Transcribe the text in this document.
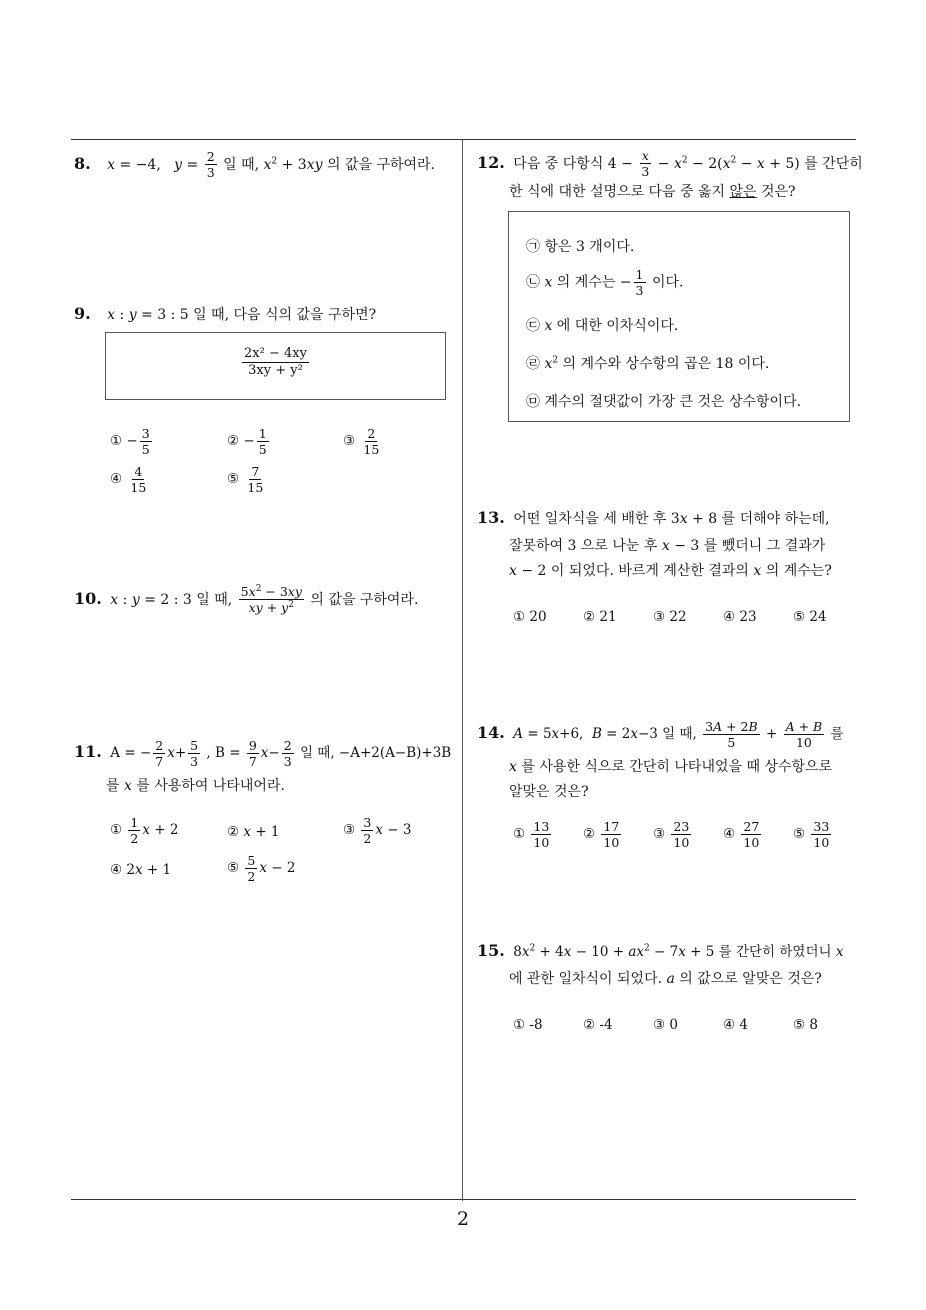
2
8. x = −4,   $y = \frac{2}{3}$ 일 때, $x^2 + 3xy$ 의 값을 구하여라.
9. x : y = 3 : 5 일 때, 다음 식의 값을 구하면?
$\frac{\text{2x² − 4xy}}{\text{3xy + y²}}$
① − $\frac{3}{5}$	② − $\frac{1}{5}$	③ $\frac{2}{15}$
④ $\frac{4}{15}$	⑤ $\frac{7}{15}$
10. x : y = 2 : 3 일 때, $\frac{5x^2 - 3xy}{xy + y^2}$ 의 값을 구하여라.
11. A = − $\frac{2}{7} x+ \frac{5}{3}$ , $B = \frac{9}{7} x- \frac{2}{3}$ 일 때, −A+2(A−B)+3B
를 x 를 사용하여 나타내어라.
① $\frac{1}{2}$ x + 2	② x + 1	③ $\frac{3}{2}$ x − 3
④ 2x + 1	⑤ $\frac{5}{2}$ x − 2
12. 다음 중 다항식 $4 - \frac{x}{3} - x^2 - 2(x^2 - x + 5)$ 를 간단히
한 식에 대한 설명으로 다음 중 옳지 않은 것은?
㉠ 항은 3 개이다.
㉡ x 의 계수는 − $\frac{1}{3}$ 이다.
㉢ x 에 대한 이차식이다.
㉣ $x^2$ 의 계수와 상수항의 곱은 18 이다.
㉤ 계수의 절댓값이 가장 큰 것은 상수항이다.
13. 어떤 일차식을 세 배한 후 3x + 8 를 더해야 하는데,
잘못하여 3 으로 나눈 후 x − 3 를 뺐더니 그 결과가
x − 2 이 되었다. 바르게 계산한 결과의 x 의 계수는?
① 20	② 21	③ 22	④ 23	⑤ 24
14. A = 5x+6,  B = 2x−3 일 때, $\frac{3A + 2B}{5} + \frac{A + B}{10}$ 를
x 를 사용한 식으로 간단히 나타내었을 때 상수항으로
알맞은 것은?
① $\frac{13}{10}$ ② $\frac{17}{10}$ ③ $\frac{23}{10}$ ④ $\frac{27}{10}$ ⑤ $\frac{33}{10}$
15. $8x^2 + 4x - 10 + ax^2 - 7x + 5$ 를 간단히 하였더니 x
에 관한 일차식이 되었다. a 의 값으로 알맞은 것은?
① -8	② -4	③ 0	④ 4	⑤ 8
